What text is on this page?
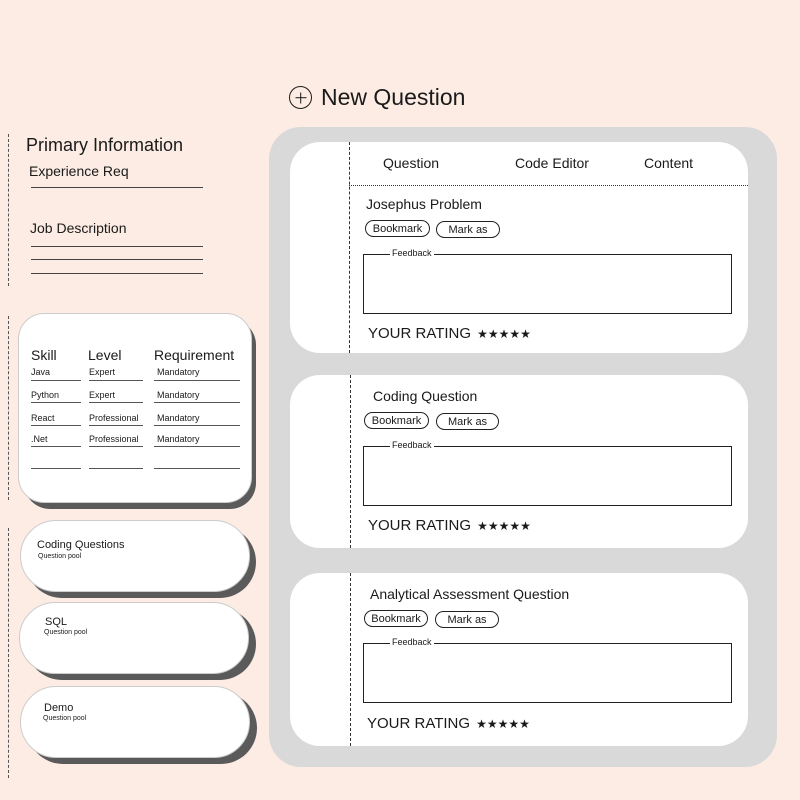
New Question
Primary Information
Experience Req
Job Description
Skill Level Requirement
Java	Expert	Mandatory
Python	Expert	Mandatory
React	Professional Mandatory
.Net	Professional Mandatory
Coding Questions
Question pool
SQL
Question pool
Demo
Question pool
Question	Code Editor	Content
Josephus Problem
Bookmark	Mark as
Feedback
YOUR RATING ★★★★★
Coding Question
Bookmark	Mark as
Feedback
YOUR RATING ★★★★★
Analytical Assessment Question
Bookmark	Mark as
Feedback
YOUR RATING ★★★★★
